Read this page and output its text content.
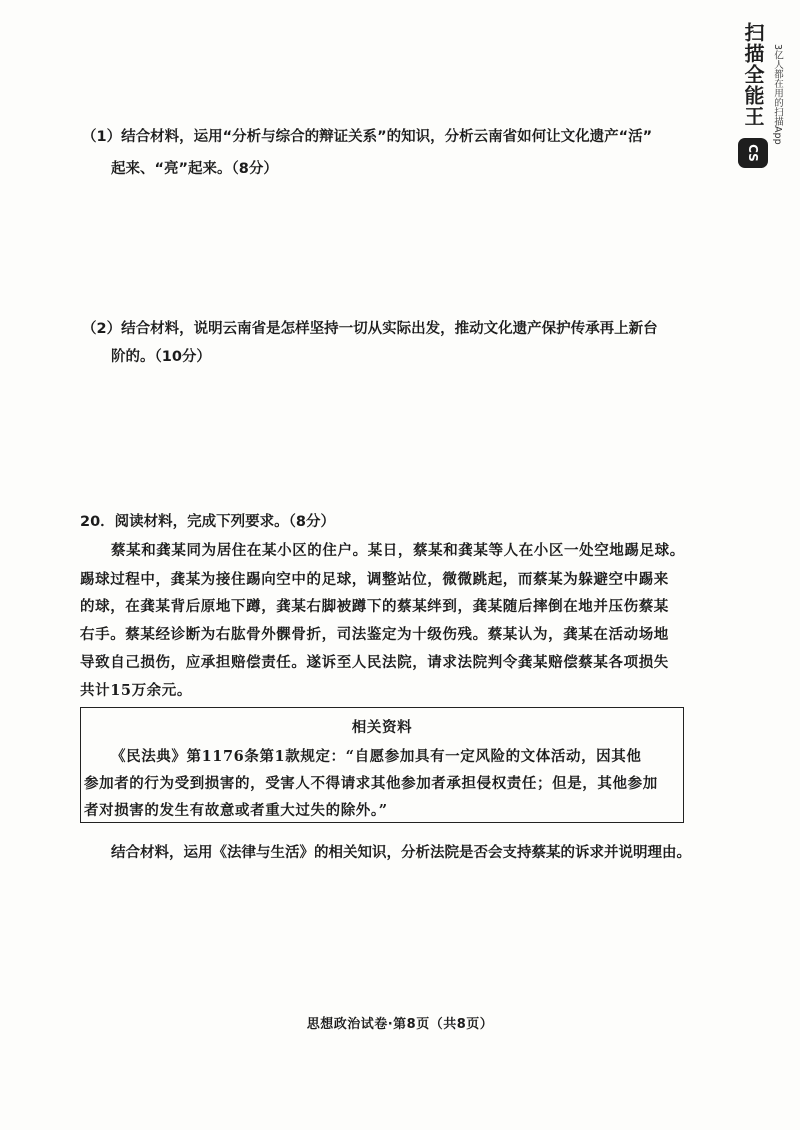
扫描全能王
CS
3亿人都在用的扫描App
（1）结合材料，运用“分析与综合的辩证关系”的知识，分析云南省如何让文化遗产“活”
起来、“亮”起来。（8分）
（2）结合材料，说明云南省是怎样坚持一切从实际出发，推动文化遗产保护传承再上新台
阶的。（10分）
20．阅读材料，完成下列要求。（8分）
蔡某和龚某同为居住在某小区的住户。某日，蔡某和龚某等人在小区一处空地踢足球。
踢球过程中，龚某为接住踢向空中的足球，调整站位，微微跳起，而蔡某为躲避空中踢来
的球，在龚某背后原地下蹲，龚某右脚被蹲下的蔡某绊到，龚某随后摔倒在地并压伤蔡某
右手。蔡某经诊断为右肱骨外髁骨折，司法鉴定为十级伤残。蔡某认为，龚某在活动场地
导致自己损伤，应承担赔偿责任。遂诉至人民法院，请求法院判令龚某赔偿蔡某各项损失
共计15万余元。
相关资料
《民法典》第1176条第1款规定：“自愿参加具有一定风险的文体活动，因其他
参加者的行为受到损害的，受害人不得请求其他参加者承担侵权责任；但是，其他参加
者对损害的发生有故意或者重大过失的除外。”
结合材料，运用《法律与生活》的相关知识，分析法院是否会支持蔡某的诉求并说明理由。
思想政治试卷·第8页（共8页）
